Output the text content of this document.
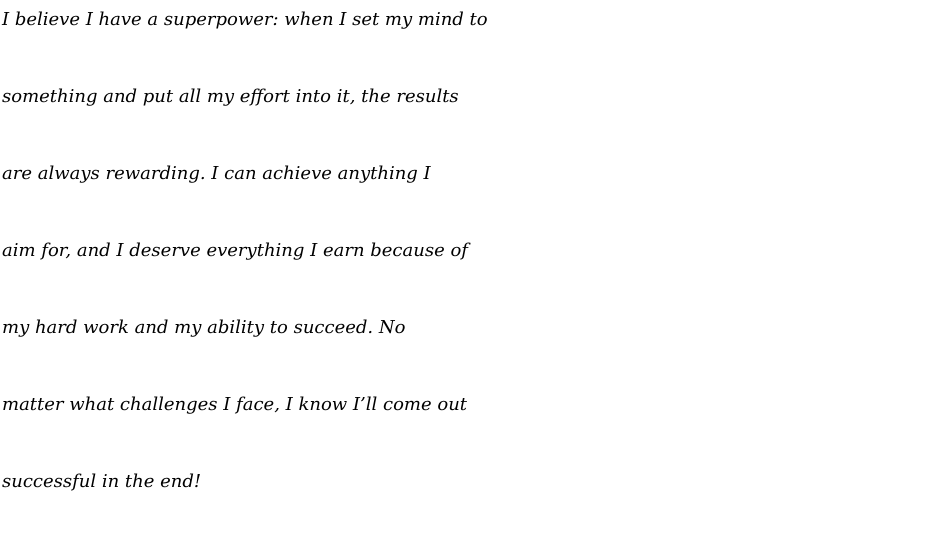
I believe I have a superpower: when I set my mind to
something and put all my effort into it, the results
are always rewarding. I can achieve anything I
aim for, and I deserve everything I earn because of
my hard work and my ability to succeed. No
matter what challenges I face, I know I’ll come out
successful in the end!
